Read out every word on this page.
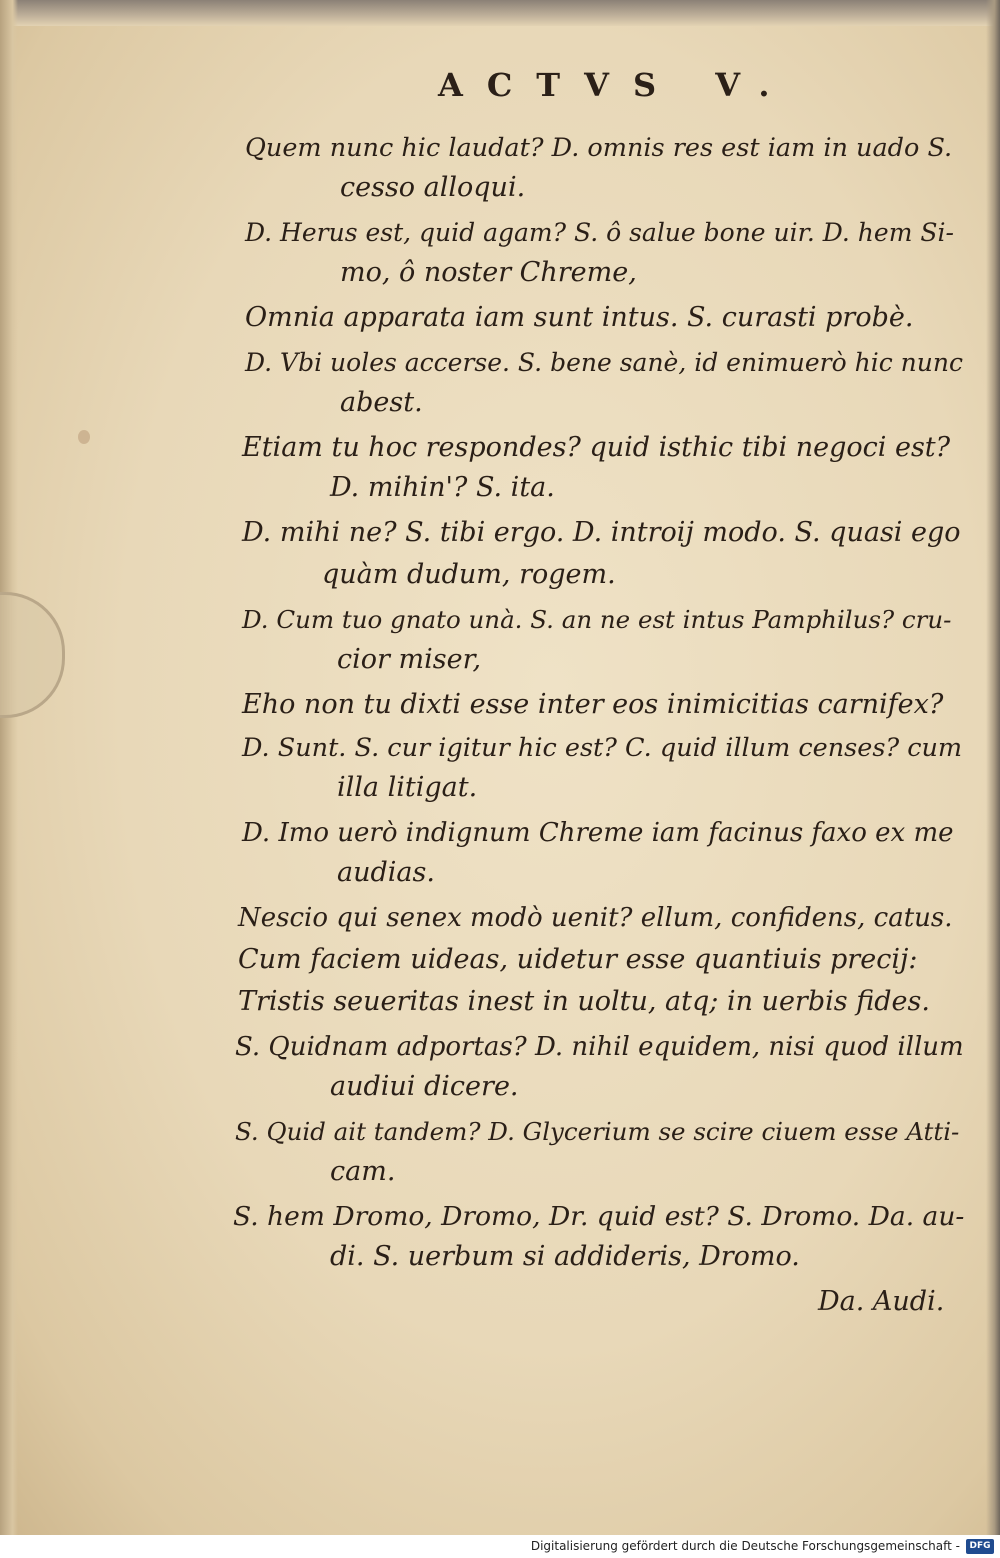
ACTVS V.
Quem nunc hic laudat? D. omnis res est iam in uado S.
cesso alloqui.
D. Herus est, quid agam? S. ô salue bone uir. D. hem Si-
mo, ô noster Chreme,
Omnia apparata iam sunt intus. S. curasti probè.
D. Vbi uoles accerse. S. bene sanè, id enimuerò hic nunc
abest.
Etiam tu hoc respondes? quid isthic tibi negoci est?
D. mihin'? S. ita.
D. mihi ne? S. tibi ergo. D. introij modo. S. quasi ego
quàm dudum, rogem.
D. Cum tuo gnato unà. S. an ne est intus Pamphilus? cru-
cior miser,
Eho non tu dixti esse inter eos inimicitias carnifex?
D. Sunt. S. cur igitur hic est? C. quid illum censes? cum
illa litigat.
D. Imo uerò indignum Chreme iam facinus faxo ex me
audias.
Nescio qui senex modò uenit? ellum, confidens, catus.
Cum faciem uideas, uidetur esse quantiuis precij:
Tristis seueritas inest in uoltu, atq; in uerbis fides.
S. Quidnam adportas? D. nihil equidem, nisi quod illum
audiui dicere.
S. Quid ait tandem? D. Glycerium se scire ciuem esse Atti-
cam.
S. hem Dromo, Dromo, Dr. quid est? S. Dromo. Da. au-
di. S. uerbum si addideris, Dromo.
Da. Audi.
Digitalisierung gefördert durch die Deutsche Forschungsgemeinschaft -	DFG
